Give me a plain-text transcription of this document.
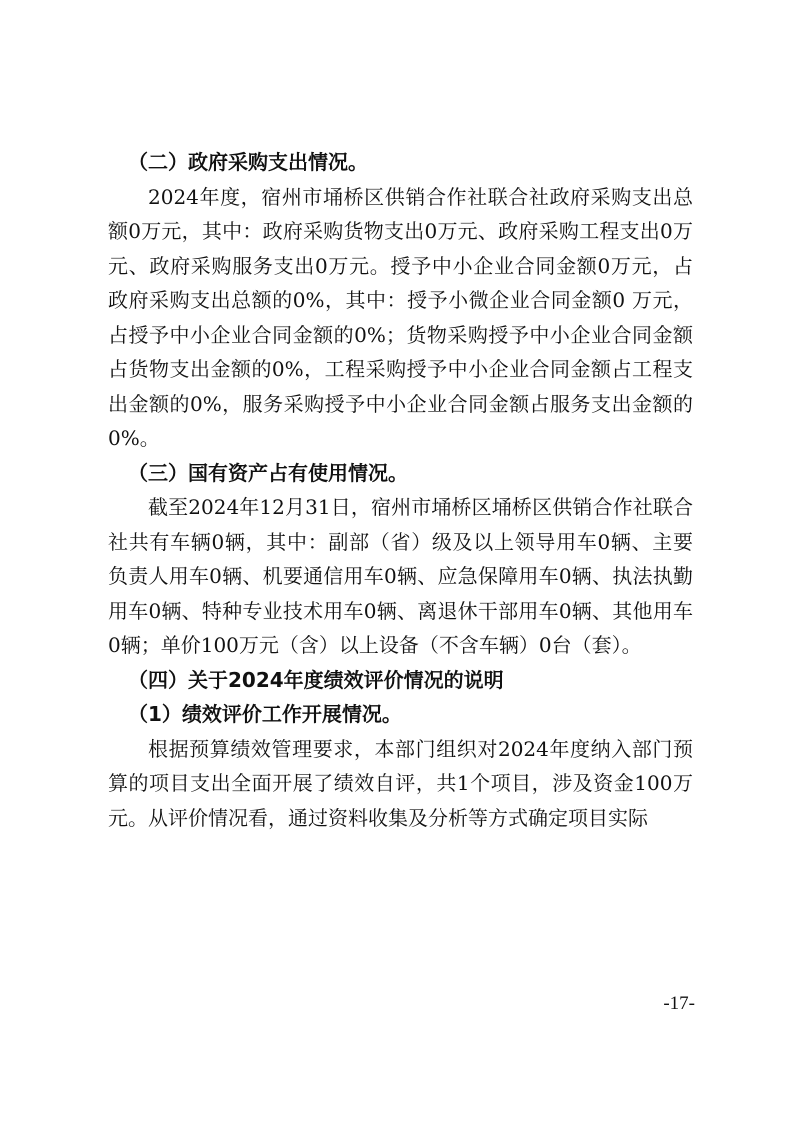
（二）政府采购支出情况。

2024年度，宿州市埇桥区供销合作社联合社政府采购支出总额0万元，其中：政府采购货物支出0万元、政府采购工程支出0万元、政府采购服务支出0万元。授予中小企业合同金额0万元，占政府采购支出总额的0%，其中：授予小微企业合同金额0 万元，占授予中小企业合同金额的0%；货物采购授予中小企业合同金额占货物支出金额的0%，工程采购授予中小企业合同金额占工程支出金额的0%，服务采购授予中小企业合同金额占服务支出金额的0%。

（三）国有资产占有使用情况。

截至2024年12月31日，宿州市埇桥区埇桥区供销合作社联合社共有车辆0辆，其中：副部（省）级及以上领导用车0辆、主要负责人用车0辆、机要通信用车0辆、应急保障用车0辆、执法执勤用车0辆、特种专业技术用车0辆、离退休干部用车0辆、其他用车0辆；单价100万元（含）以上设备（不含车辆）0台（套）。

（四）关于2024年度绩效评价情况的说明

（1）绩效评价工作开展情况。

根据预算绩效管理要求，本部门组织对2024年度纳入部门预算的项目支出全面开展了绩效自评，共1个项目，涉及资金100万元。从评价情况看，通过资料收集及分析等方式确定项目实际

-17-
